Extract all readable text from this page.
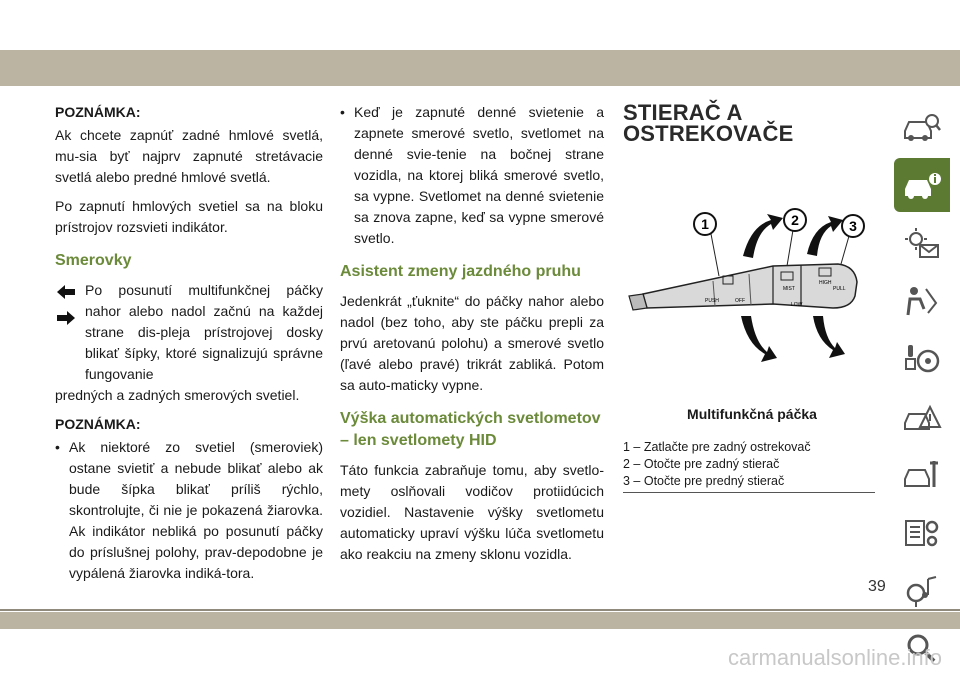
POZNÁMKA:

Ak chcete zapnúť zadné hmlové svetlá, mu-sia byť najprv zapnuté stretávacie svetlá alebo predné hmlové svetlá.

Po zapnutí hmlových svetiel sa na bloku prístrojov rozsvieti indikátor.

Smerovky
Po posunutí multifunkčnej páčky nahor alebo nadol začnú na každej strane dis-pleja prístrojovej dosky blikať šípky, ktoré signalizujú správne fungovanie

predných a zadných smerových svetiel.

POZNÁMKA:
• Ak niektoré zo svetiel (smeroviek) ostane svietiť a nebude blikať alebo ak bude šípka blikať príliš rýchlo, skontrolujte, či nie je pokazená žiarovka. Ak indikátor nebliká po posunutí páčky do príslušnej polohy, prav-depodobne je vypálená žiarovka indiká-tora.
• Keď je zapnuté denné svietenie a zapnete smerové svetlo, svetlomet na denné svie-tenie na bočnej strane vozidla, na ktorej bliká smerové svetlo, sa vypne. Svetlomet na denné svietenie sa znova zapne, keď sa vypne smerové svetlo.
Asistent zmeny jazdného pruhu

Jedenkrát „ťuknite“ do páčky nahor alebo nadol (bez toho, aby ste páčku prepli za prvú aretovanú polohu) a smerové svetlo (ľavé alebo pravé) trikrát zabliká. Potom sa auto-maticky vypne.

Výška automatických svetlometov – len svetlomety HID

Táto funkcia zabraňuje tomu, aby svetlo-mety oslňovali vodičov protiidúcich vozidiel. Nastavenie výšky svetlometu automaticky upraví výšku lúča svetlometu ako reakciu na zmeny sklonu vozidla.

STIERAČ A OSTREKOVAČE
PUSH	OFF
MIST
LOW
HIGH
PULL
1	2	3
Multifunkčná páčka
1 – Zatlačte pre zadný ostrekovač
2 – Otočte pre zadný stierač
3 – Otočte pre predný stierač
39
carmanualsonline.info
